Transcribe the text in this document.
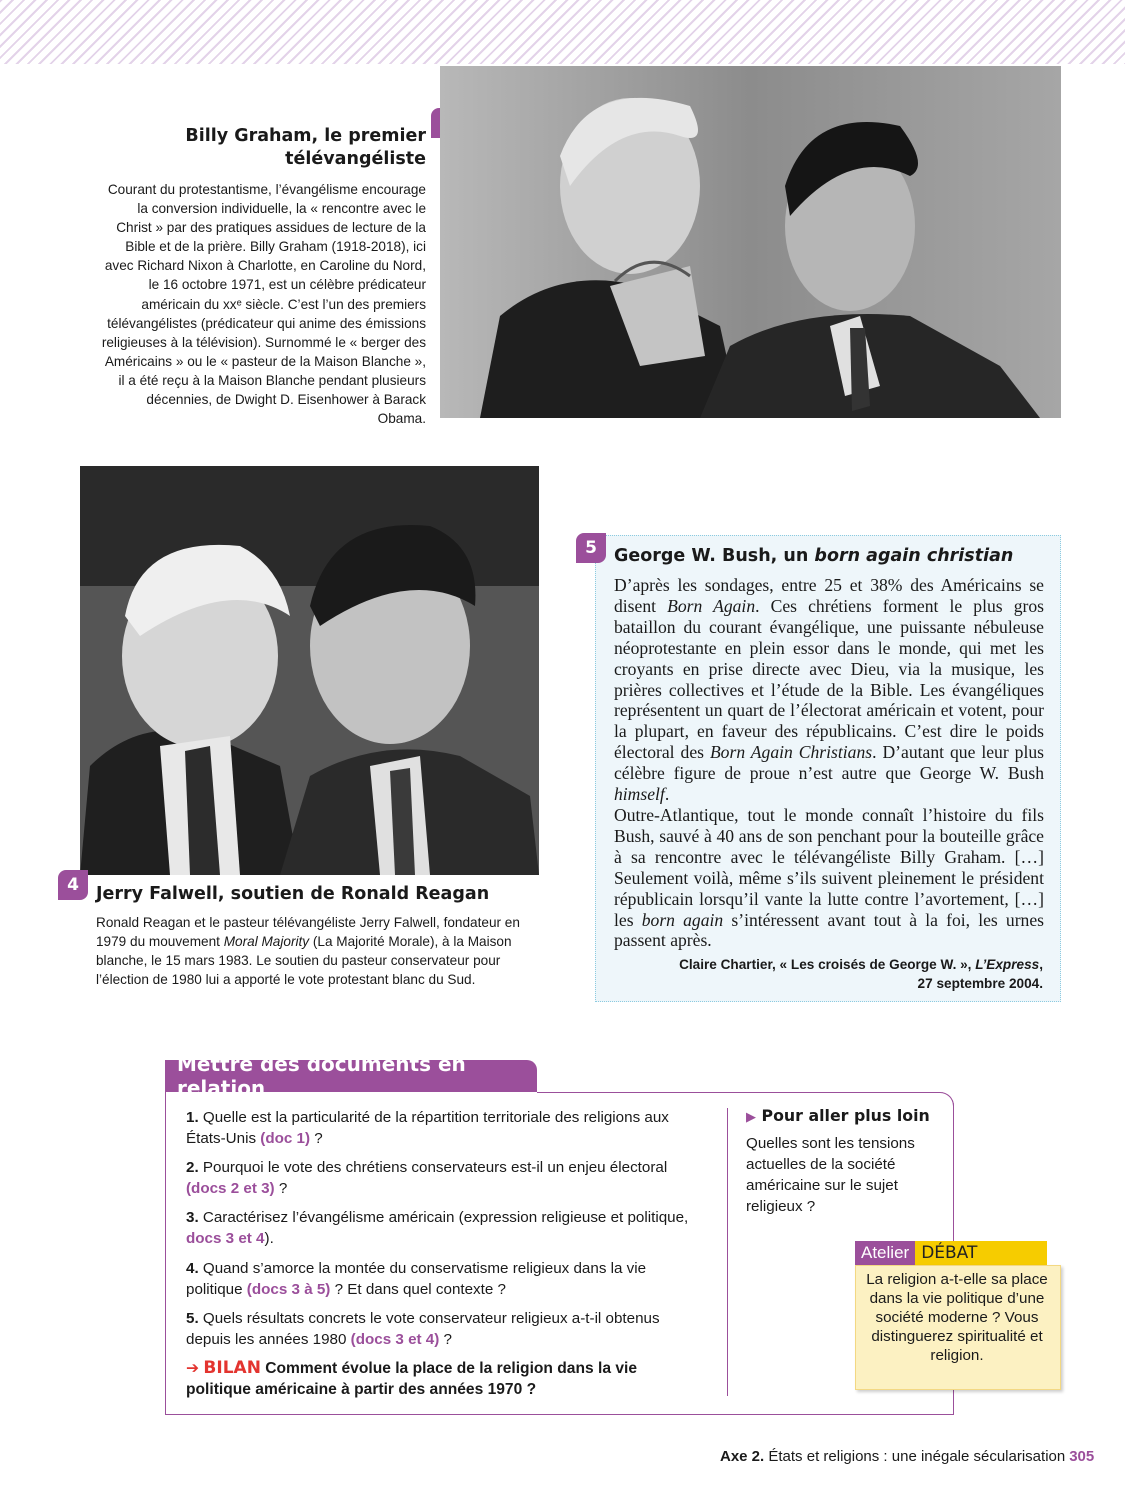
Billy Graham, le premier télévangéliste
Courant du protestantisme, l’évangélisme encourage la conversion individuelle, la « rencontre avec le Christ » par des pratiques assidues de lecture de la Bible et de la prière. Billy Graham (1918-2018), ici avec Richard Nixon à Charlotte, en Caroline du Nord, le 16 octobre 1971, est un célèbre prédicateur américain du xxᵉ siècle. C’est l’un des premiers télévangélistes (prédicateur qui anime des émissions religieuses à la télévision). Surnommé le « berger des Américains » ou le « pasteur de la Maison Blanche », il a été reçu à la Maison Blanche pendant plusieurs décennies, de Dwight D. Eisenhower à Barack Obama.
4 Jerry Falwell, soutien de Ronald Reagan
Ronald Reagan et le pasteur télévangéliste Jerry Falwell, fondateur en 1979 du mouvement Moral Majority (La Majorité Morale), à la Maison blanche, le 15 mars 1983. Le soutien du pasteur conservateur pour l’élection de 1980 lui a apporté le vote protestant blanc du Sud.
5 George W. Bush, un born again christian

D’après les sondages, entre 25 et 38% des Américains se disent Born Again. Ces chrétiens forment le plus gros bataillon du courant évangélique, une puissante nébuleuse néoprotestante en plein essor dans le monde, qui met les croyants en prise directe avec Dieu, via la musique, les prières collectives et l’étude de la Bible. Les évangéliques représentent un quart de l’électorat américain et votent, pour la plupart, en faveur des républicains. C’est dire le poids électoral des Born Again Christians. D’autant que leur plus célèbre figure de proue n’est autre que George W. Bush himself.

Outre-Atlantique, tout le monde connaît l’histoire du fils Bush, sauvé à 40 ans de son penchant pour la bouteille grâce à sa rencontre avec le télévangéliste Billy Graham. […] Seulement voilà, même s’ils suivent pleinement le président républicain lorsqu’il vante la lutte contre l’avortement, […] les born again s’intéressent avant tout à la foi, les urnes passent après.

Claire Chartier, « Les croisés de George W. », L’Express,
27 septembre 2004.
Mettre des documents en relation
1. Quelle est la particularité de la répartition territoriale des religions aux États-Unis (doc 1) ?
2. Pourquoi le vote des chrétiens conservateurs est-il un enjeu électoral (docs 2 et 3) ?
3. Caractérisez l’évangélisme américain (expression religieuse et politique, docs 3 et 4).
4. Quand s’amorce la montée du conservatisme religieux dans la vie politique (docs 3 à 5) ? Et dans quel contexte ?
5. Quels résultats concrets le vote conservateur religieux a-t-il obtenus depuis les années 1980 (docs 3 et 4) ?
➔ BILAN Comment évolue la place de la religion dans la vie politique américaine à partir des années 1970 ?
▶ Pour aller plus loin
Quelles sont les tensions actuelles de la société américaine sur le sujet religieux ?
Atelier DÉBAT
La religion a-t-elle sa place dans la vie politique d’une société moderne ? Vous distinguerez spiritualité et religion.
Axe 2. États et religions : une inégale sécularisation 305
